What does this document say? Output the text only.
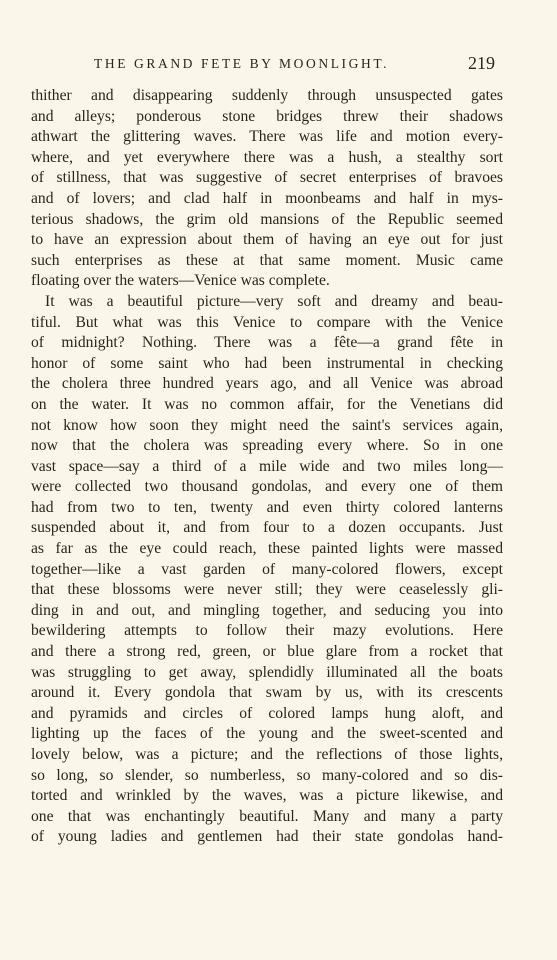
THE GRAND FETE BY MOONLIGHT.	219
thither and disappearing suddenly through unsuspected gates
and alleys; ponderous stone bridges threw their shadows
athwart the glittering waves. There was life and motion every-
where, and yet everywhere there was a hush, a stealthy sort
of stillness, that was suggestive of secret enterprises of bravoes
and of lovers; and clad half in moonbeams and half in mys-
terious shadows, the grim old mansions of the Republic seemed
to have an expression about them of having an eye out for just
such enterprises as these at that same moment. Music came
floating over the waters—Venice was complete.
It was a beautiful picture—very soft and dreamy and beau-
tiful. But what was this Venice to compare with the Venice
of midnight? Nothing. There was a fête—a grand fête in
honor of some saint who had been instrumental in checking
the cholera three hundred years ago, and all Venice was abroad
on the water. It was no common affair, for the Venetians did
not know how soon they might need the saint's services again,
now that the cholera was spreading every where. So in one
vast space—say a third of a mile wide and two miles long—
were collected two thousand gondolas, and every one of them
had from two to ten, twenty and even thirty colored lanterns
suspended about it, and from four to a dozen occupants. Just
as far as the eye could reach, these painted lights were massed
together—like a vast garden of many-colored flowers, except
that these blossoms were never still; they were ceaselessly gli-
ding in and out, and mingling together, and seducing you into
bewildering attempts to follow their mazy evolutions. Here
and there a strong red, green, or blue glare from a rocket that
was struggling to get away, splendidly illuminated all the boats
around it. Every gondola that swam by us, with its crescents
and pyramids and circles of colored lamps hung aloft, and
lighting up the faces of the young and the sweet-scented and
lovely below, was a picture; and the reflections of those lights,
so long, so slender, so numberless, so many-colored and so dis-
torted and wrinkled by the waves, was a picture likewise, and
one that was enchantingly beautiful. Many and many a party
of young ladies and gentlemen had their state gondolas hand-
